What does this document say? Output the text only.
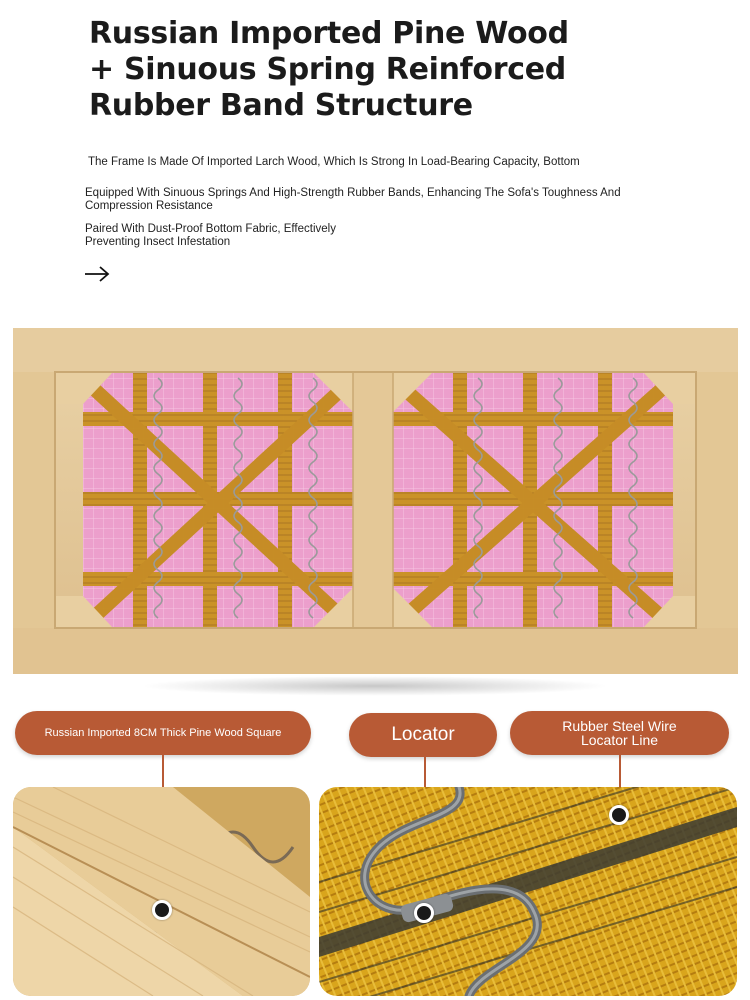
Russian Imported Pine Wood
+ Sinuous Spring Reinforced
Rubber Band Structure
The Frame Is Made Of Imported Larch Wood, Which Is Strong In Load-Bearing Capacity, Bottom
Equipped With Sinuous Springs And High-Strength Rubber Bands, Enhancing The Sofa's Toughness And Compression Resistance
Paired With Dust-Proof Bottom Fabric, Effectively Preventing Insect Infestation
Russian Imported 8CM Thick Pine Wood Square	Locator	Rubber Steel Wire Locator Line
